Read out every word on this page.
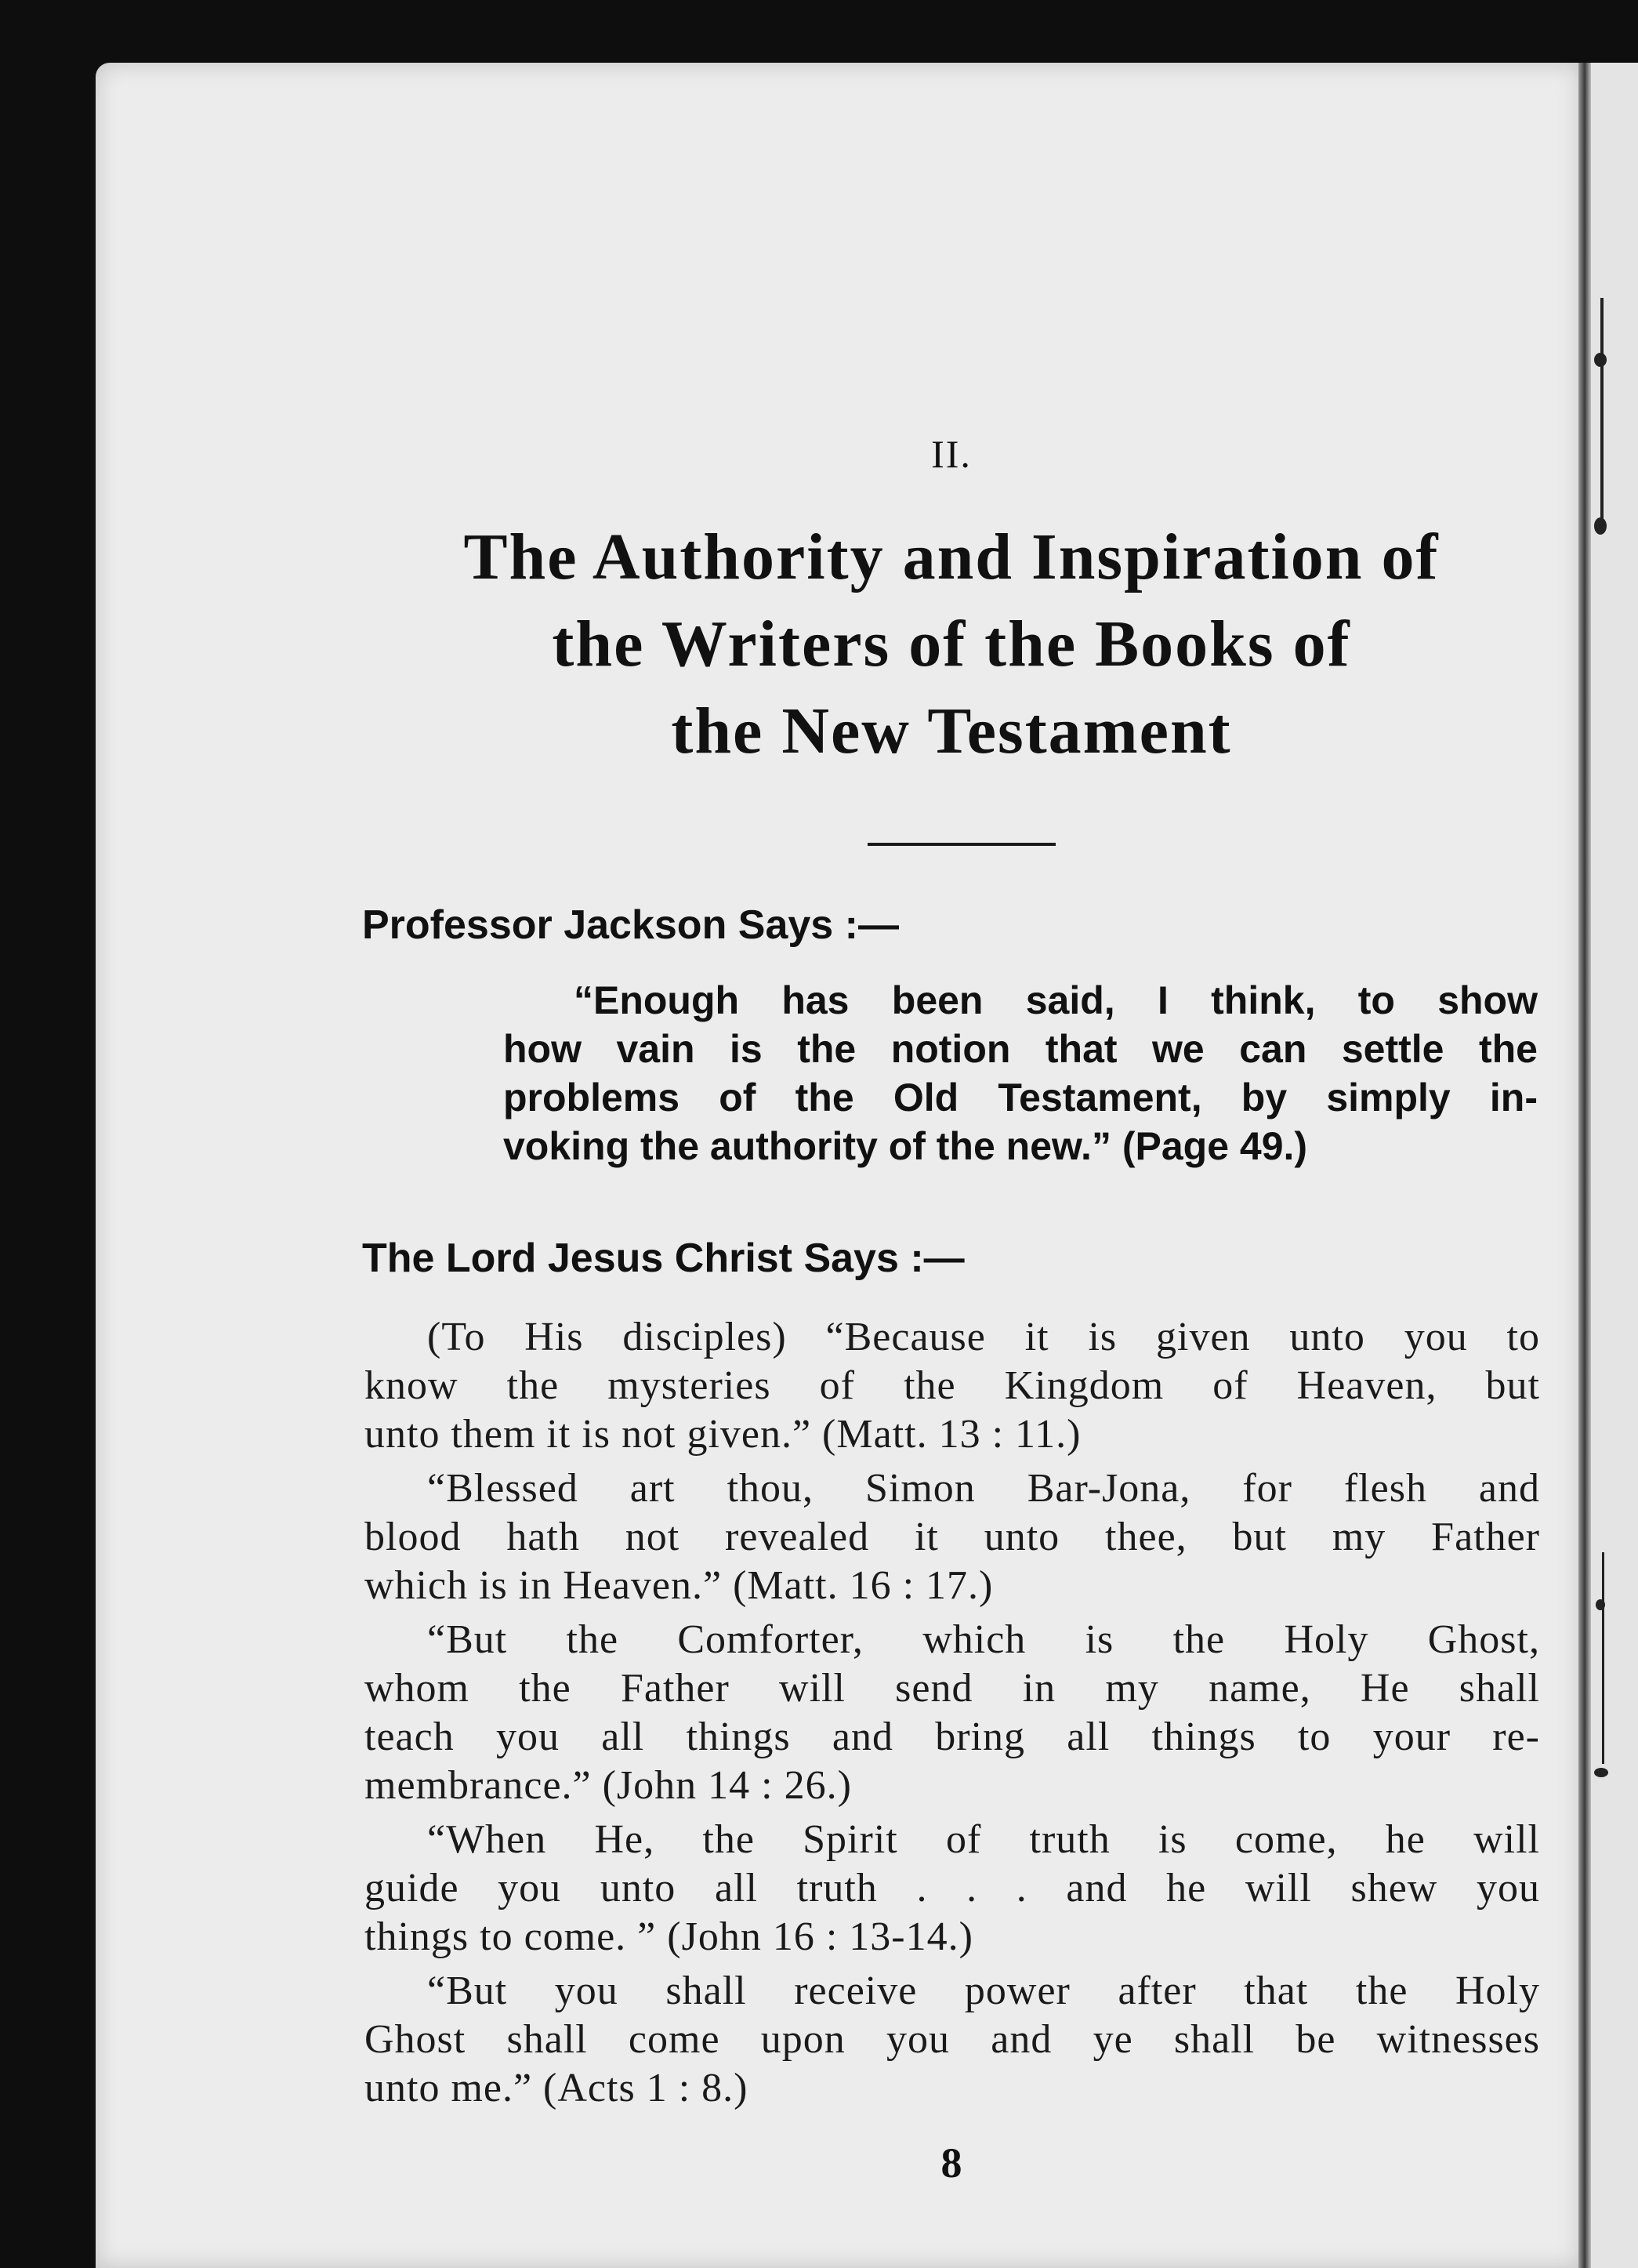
II.
The Authority and Inspiration of
the Writers of the Books of
the New Testament
Professor Jackson Says :—
“Enough has been said, I think, to show
how vain is the notion that we can settle the
problems of the Old Testament, by simply in-
voking the authority of the new.” (Page 49.)
The Lord Jesus Christ Says :—
(To His disciples) “Because it is given unto you to
know the mysteries of the Kingdom of Heaven, but
unto them it is not given.” (Matt. 13 : 11.)
“Blessed art thou, Simon Bar-Jona, for flesh and
blood hath not revealed it unto thee, but my Father
which is in Heaven.” (Matt. 16 : 17.)
“But the Comforter, which is the Holy Ghost,
whom the Father will send in my name, He shall
teach you all things and bring all things to your re-
membrance.” (John 14 : 26.)
“When He, the Spirit of truth is come, he will
guide you unto all truth . . . and he will shew you
things to come. ” (John 16 : 13-14.)
“But you shall receive power after that the Holy
Ghost shall come upon you and ye shall be witnesses
unto me.” (Acts 1 : 8.)
8
